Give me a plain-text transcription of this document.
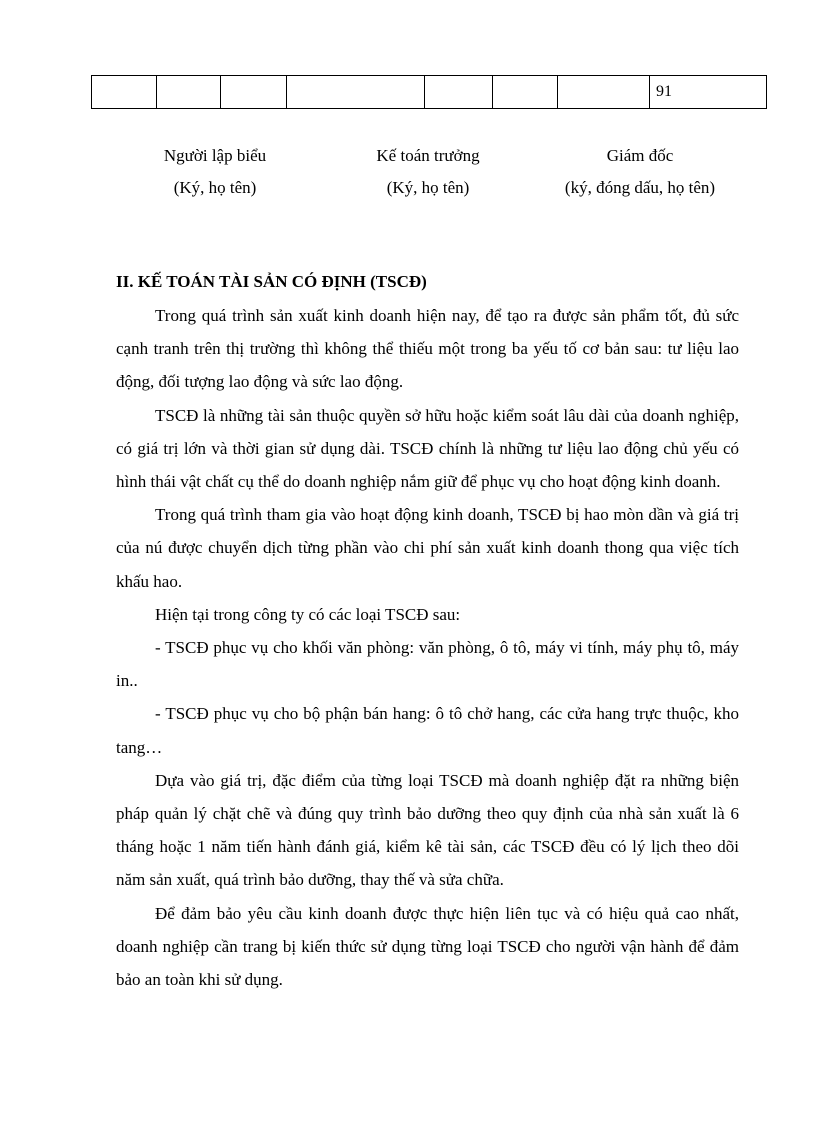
							91
Người lập biểu
(Ký, họ tên)
Kế toán trưởng
(Ký, họ tên)
Giám đốc
(ký, đóng dấu, họ tên)

II. KẾ TOÁN TÀI SẢN CÓ ĐỊNH (TSCĐ)

Trong quá trình sản xuất kinh doanh hiện nay, để tạo ra được sản phẩm tốt, đủ sức cạnh tranh trên thị trường thì không thể thiếu một trong ba yếu tố cơ bản sau: tư liệu lao động, đối tượng lao động và sức lao động.

TSCĐ là những tài sản thuộc quyền sở hữu hoặc kiểm soát lâu dài của doanh nghiệp, có giá trị lớn và thời gian sử dụng dài. TSCĐ chính là những tư liệu lao động chủ yếu có hình thái vật chất cụ thể do doanh nghiệp nắm giữ để phục vụ cho hoạt động kinh doanh.

Trong quá trình tham gia vào hoạt động kinh doanh, TSCĐ bị hao mòn dần và giá trị của nú được chuyển dịch từng phần vào chi phí sản xuất kinh doanh thong qua việc tích khấu hao.

Hiện tại trong công ty có các loại TSCĐ sau:

- TSCĐ phục vụ cho khối văn phòng: văn phòng, ô tô, máy vi tính, máy phụ tô, máy in..

- TSCĐ phục vụ cho bộ phận bán hang: ô tô chở hang, các cửa hang trực thuộc, kho tang…

Dựa vào giá trị, đặc điểm của từng loại TSCĐ mà doanh nghiệp đặt ra những biện pháp quản lý chặt chẽ và đúng quy trình bảo dưỡng theo quy định của nhà sản xuất là 6 tháng hoặc 1 năm tiến hành đánh giá, kiểm kê tài sản, các TSCĐ đều có lý lịch theo dõi năm sản xuất, quá trình bảo dưỡng, thay thế và sửa chữa.

Để đảm bảo yêu cầu kinh doanh được thực hiện liên tục và có hiệu quả cao nhất, doanh nghiệp cần trang bị kiến thức sử dụng từng loại TSCĐ cho người vận hành để đảm bảo an toàn khi sử dụng.
